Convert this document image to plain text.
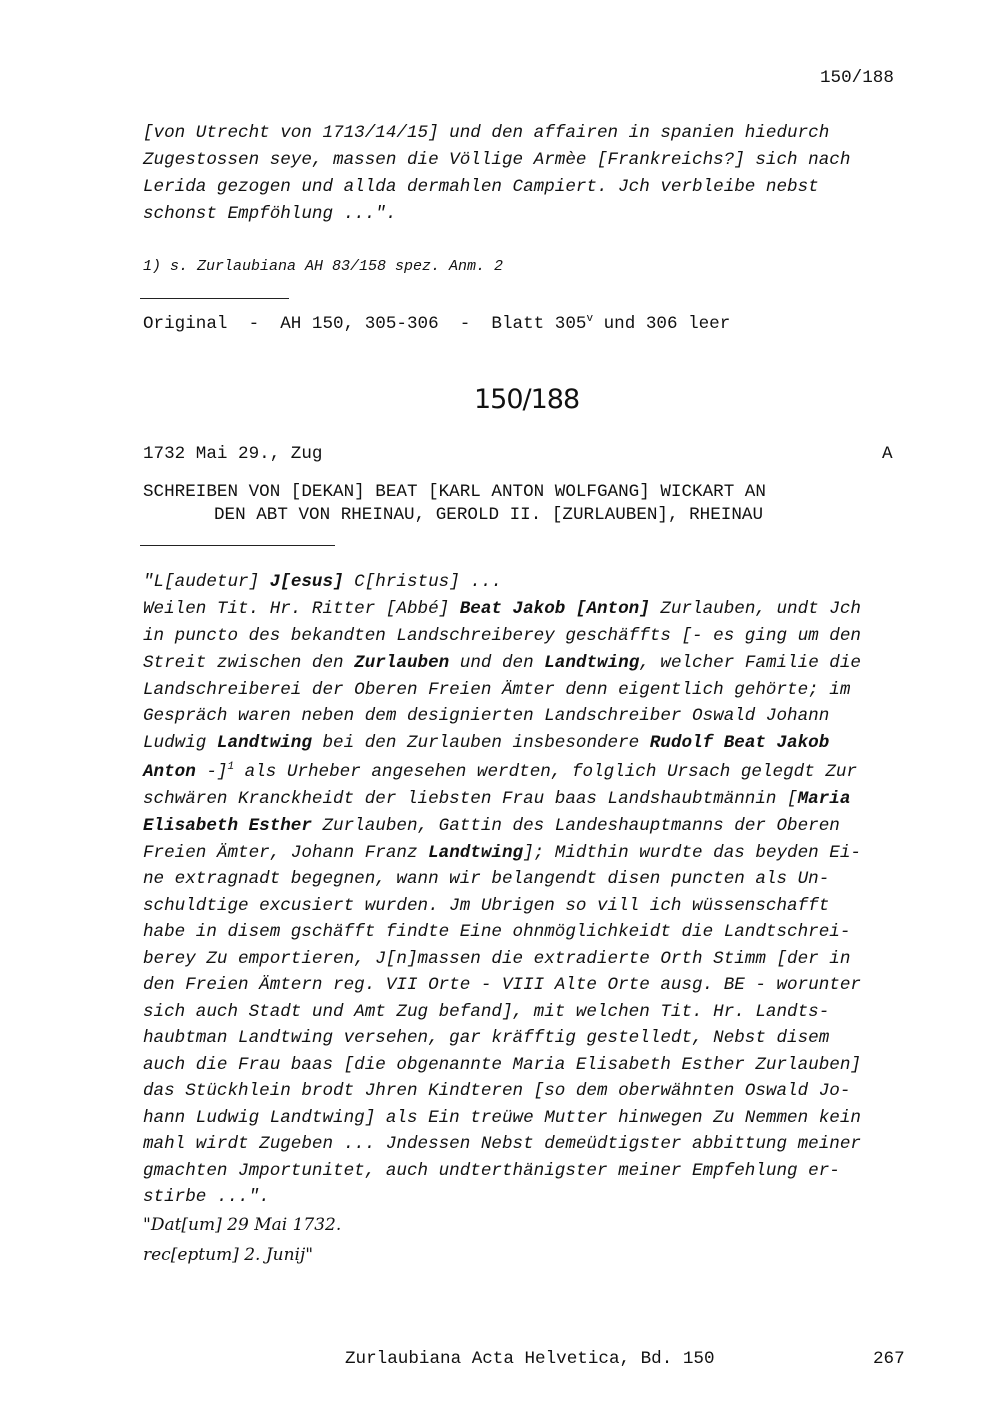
150/188
[von Utrecht von 1713/14/15] und den affairen in spanien hiedurch
Zugestossen seye, massen die Völlige Armèe [Frankreichs?] sich nach
Lerida gezogen und allda dermahlen Campiert. Jch verbleibe nebst
schonst Empföhlung ...".
1) s. Zurlaubiana AH 83/158 spez. Anm. 2
Original  -  AH 150, 305-306  -  Blatt 305$^v$ und 306 leer
150/188
1732 Mai 29., Zug	A
SCHREIBEN VON [DEKAN] BEAT [KARL ANTON WOLFGANG] WICKART AN
DEN ABT VON RHEINAU, GEROLD II. [ZURLAUBEN], RHEINAU
"L[audetur] J[esus] C[hristus] ...
Weilen Tit. Hr. Ritter [Abbé] Beat Jakob [Anton] Zurlauben, undt Jch
in puncto des bekandten Landschreiberey geschäffts [- es ging um den
Streit zwischen den Zurlauben und den Landtwing, welcher Familie die
Landschreiberei der Oberen Freien Ämter denn eigentlich gehörte; im
Gespräch waren neben dem designierten Landschreiber Oswald Johann
Ludwig Landtwing bei den Zurlauben insbesondere Rudolf Beat Jakob
Anton -]$^1$ als Urheber angesehen werdten, folglich Ursach gelegdt Zur
schwären Kranckheidt der liebsten Frau baas Landshaubtmännin [Maria
Elisabeth Esther Zurlauben, Gattin des Landeshauptmanns der Oberen
Freien Ämter, Johann Franz Landtwing]; Midthin wurdte das beyden Ei-
ne extragnadt begegnen, wann wir belangendt disen puncten als Un-
schuldtige excusiert wurden. Jm Ubrigen so vill ich wüssenschafft
habe in disem gschäfft findte Eine ohnmöglichkeidt die Landtschrei-
berey Zu emportieren, J[n]massen die extradierte Orth Stimm [der in
den Freien Ämtern reg. VII Orte - VIII Alte Orte ausg. BE - worunter
sich auch Stadt und Amt Zug befand], mit welchen Tit. Hr. Landts-
haubtman Landtwing versehen, gar kräfftig gestelledt, Nebst disem
auch die Frau baas [die obgenannte Maria Elisabeth Esther Zurlauben]
das Stückhlein brodt Jhren Kindteren [so dem oberwähnten Oswald Jo-
hann Ludwig Landtwing] als Ein treüwe Mutter hinwegen Zu Nemmen kein
mahl wirdt Zugeben ... Jndessen Nebst demeüdtigster abbittung meiner
gmachten Jmportunitet, auch undterthänigster meiner Empfehlung er-
stirbe ...".
"Dat[um] 29 Mai 1732.
rec[eptum] 2. Junij"
Zurlaubiana Acta Helvetica, Bd. 150	267
